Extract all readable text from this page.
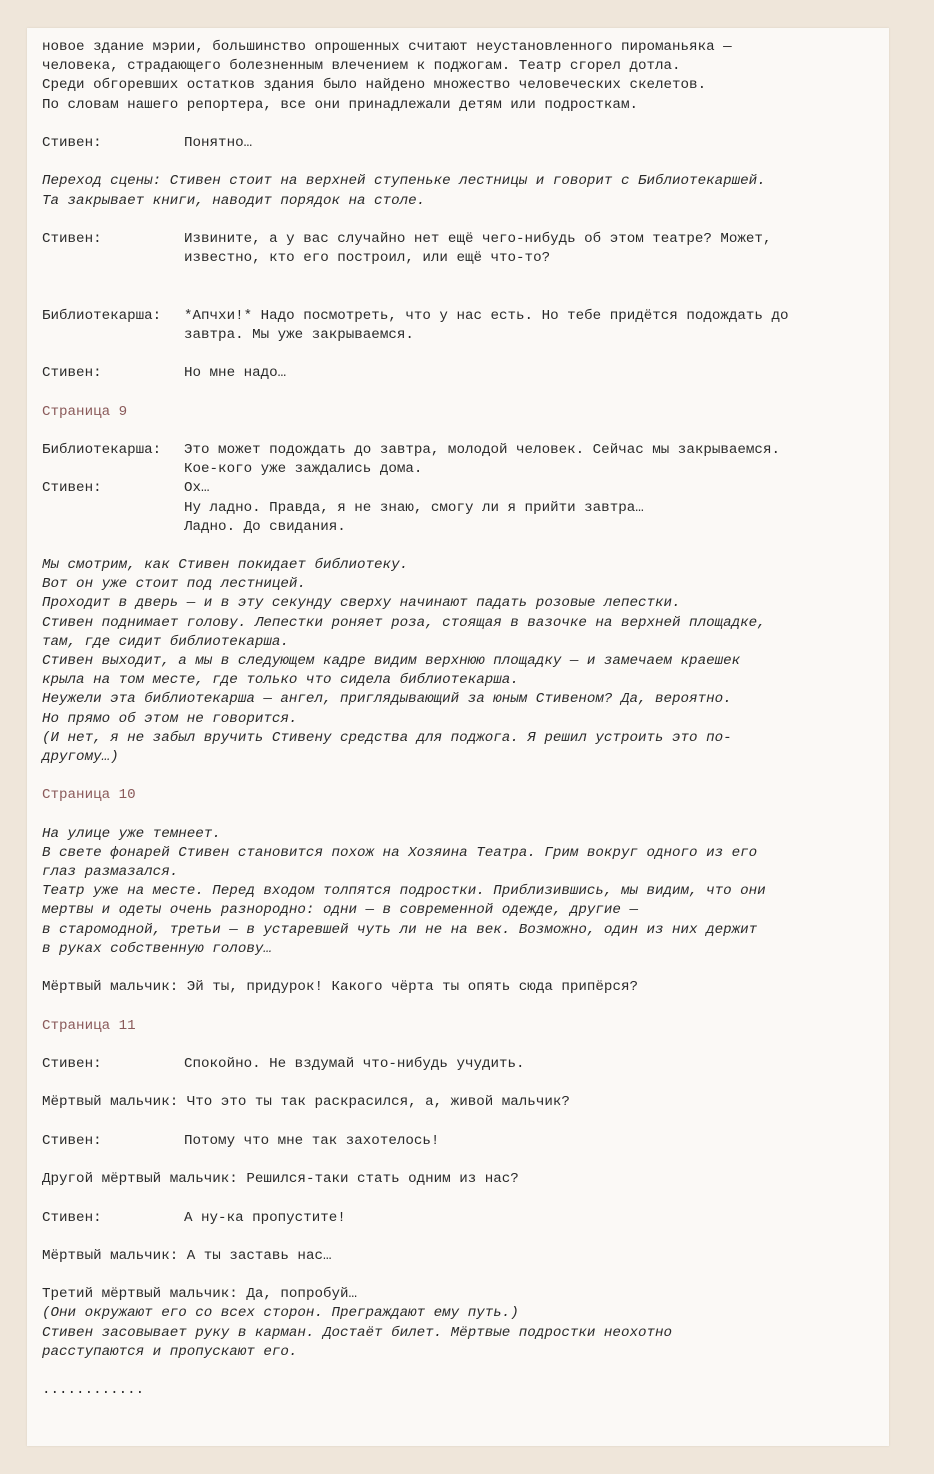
новое здание мэрии, большинство опрошенных считают неустановленного пироманьяка —
человека, страдающего болезненным влечением к поджогам. Театр сгорел дотла.
Среди обгоревших остатков здания было найдено множество человеческих скелетов.
По словам нашего репортера, все они принадлежали детям или подросткам.
Стивен:	Понятно…
Переход сцены: Стивен стоит на верхней ступеньке лестницы и говорит с Библиотекаршей.
Та закрывает книги, наводит порядок на столе.
Стивен:	Извините, а у вас случайно нет ещё чего-нибудь об этом театре? Может,
известно, кто его построил, или ещё что-то?
Библиотекарша:	*Апчхи!* Надо посмотреть, что у нас есть. Но тебе придётся подождать до
завтра. Мы уже закрываемся.
Стивен:	Но мне надо…
Страница 9
Библиотекарша:	Это может подождать до завтра, молодой человек. Сейчас мы закрываемся.
Кое-кого уже заждались дома.
Стивен:	Ох…
Ну ладно. Правда, я не знаю, смогу ли я прийти завтра…
Ладно. До свидания.
Мы смотрим, как Стивен покидает библиотеку.
Вот он уже стоит под лестницей.
Проходит в дверь — и в эту секунду сверху начинают падать розовые лепестки.
Стивен поднимает голову. Лепестки роняет роза, стоящая в вазочке на верхней площадке,
там, где сидит библиотекарша.
Стивен выходит, а мы в следующем кадре видим верхнюю площадку — и замечаем краешек
крыла на том месте, где только что сидела библиотекарша.
Неужели эта библиотекарша — ангел, приглядывающий за юным Стивеном? Да, вероятно.
Но прямо об этом не говорится.
(И нет, я не забыл вручить Стивену средства для поджога. Я решил устроить это по-
другому…)
Страница 10
На улице уже темнеет.
В свете фонарей Стивен становится похож на Хозяина Театра. Грим вокруг одного из его
глаз размазался.
Театр уже на месте. Перед входом толпятся подростки. Приблизившись, мы видим, что они
мертвы и одеты очень разнородно: одни — в современной одежде, другие —
в старомодной, третьи — в устаревшей чуть ли не на век. Возможно, один из них держит
в руках собственную голову…
Мёртвый мальчик: Эй ты, придурок! Какого чёрта ты опять сюда припёрся?
Страница 11
Стивен:	Спокойно. Не вздумай что-нибудь учудить.
Мёртвый мальчик: Что это ты так раскрасился, а, живой мальчик?
Стивен:	Потому что мне так захотелось!
Другой мёртвый мальчик: Решился-таки стать одним из нас?
Стивен:	А ну-ка пропустите!
Мёртвый мальчик: А ты заставь нас…
Третий мёртвый мальчик: Да, попробуй…
(Они окружают его со всех сторон. Преграждают ему путь.)
Стивен засовывает руку в карман. Достаёт билет. Мёртвые подростки неохотно
расступаются и пропускают его.
............
